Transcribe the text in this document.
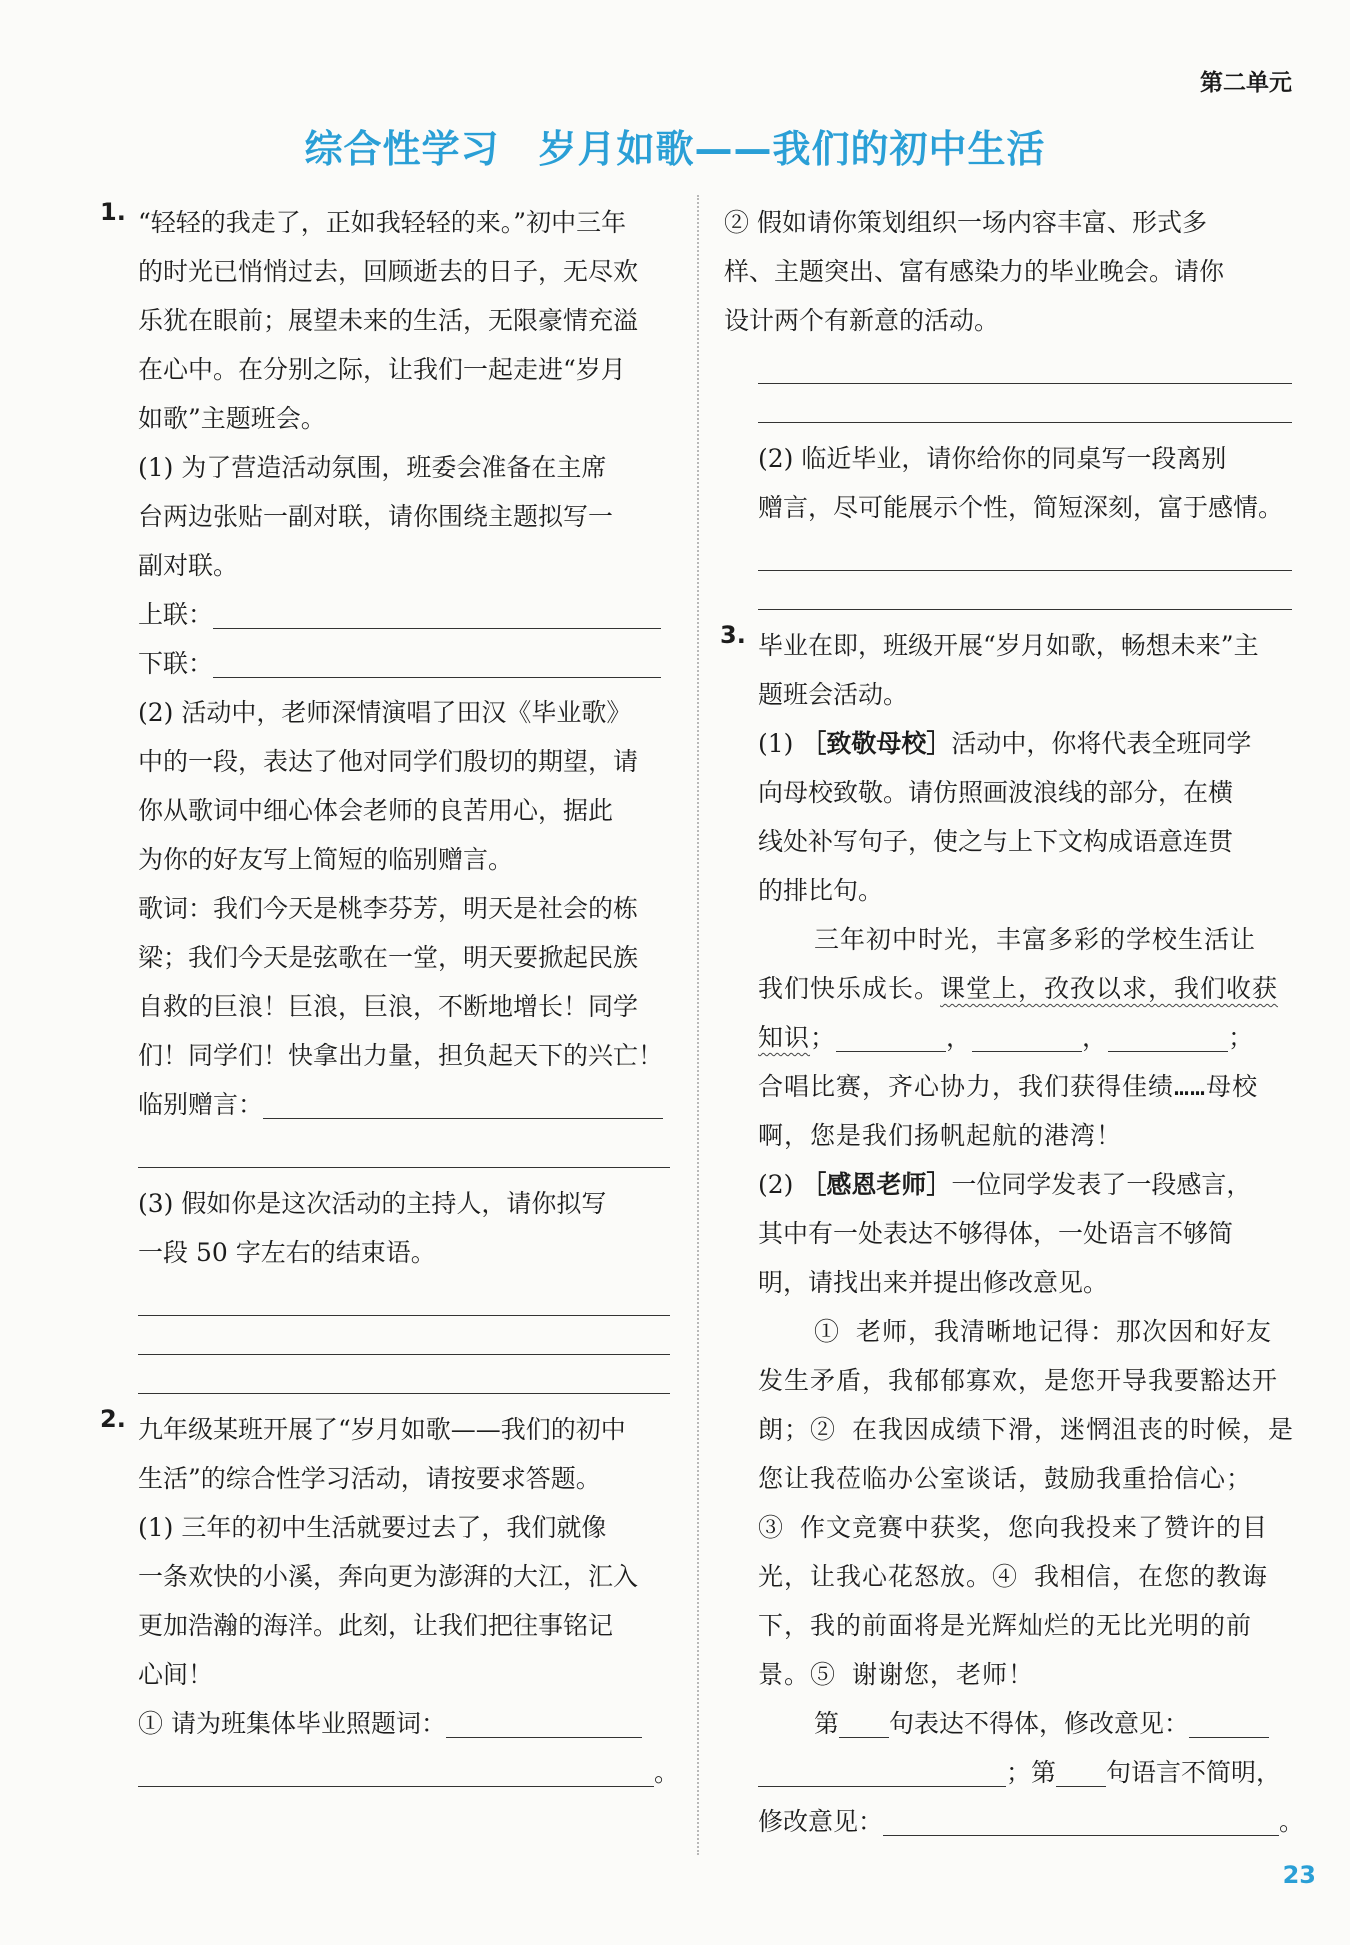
第二单元
综合性学习　岁月如歌——我们的初中生活
1. “轻轻的我走了，正如我轻轻的来。”初中三年
的时光已悄悄过去，回顾逝去的日子，无尽欢
乐犹在眼前；展望未来的生活，无限豪情充溢
在心中。在分别之际，让我们一起走进“岁月
如歌”主题班会。
(1) 为了营造活动氛围，班委会准备在主席
台两边张贴一副对联，请你围绕主题拟写一
副对联。
上联：
下联：
(2) 活动中，老师深情演唱了田汉《毕业歌》
中的一段，表达了他对同学们殷切的期望，请
你从歌词中细心体会老师的良苦用心，据此
为你的好友写上简短的临别赠言。
歌词：我们今天是桃李芬芳，明天是社会的栋
梁；我们今天是弦歌在一堂，明天要掀起民族
自救的巨浪！巨浪，巨浪，不断地增长！同学
们！同学们！快拿出力量，担负起天下的兴亡！
临别赠言：
(3) 假如你是这次活动的主持人，请你拟写
一段 50 字左右的结束语。
2. 九年级某班开展了“岁月如歌——我们的初中
生活”的综合性学习活动，请按要求答题。
(1) 三年的初中生活就要过去了，我们就像
一条欢快的小溪，奔向更为澎湃的大江，汇入
更加浩瀚的海洋。此刻，让我们把往事铭记
心间！
① 请为班集体毕业照题词：
。
② 假如请你策划组织一场内容丰富、形式多
样、主题突出、富有感染力的毕业晚会。请你
设计两个有新意的活动。
(2) 临近毕业，请你给你的同桌写一段离别
赠言，尽可能展示个性，简短深刻，富于感情。
3. 毕业在即，班级开展“岁月如歌，畅想未来”主
题班会活动。
(1) ［致敬母校］活动中，你将代表全班同学
向母校致敬。请仿照画波浪线的部分，在横
线处补写句子，使之与上下文构成语意连贯
的排比句。
三年初中时光，丰富多彩的学校生活让
我们快乐成长。课堂上，孜孜以求，我们收获
知识；	，	，	；
合唱比赛，齐心协力，我们获得佳绩……母校
啊，您是我们扬帆起航的港湾！
(2) ［感恩老师］一位同学发表了一段感言，
其中有一处表达不够得体，一处语言不够简
明，请找出来并提出修改意见。
① 老师，我清晰地记得：那次因和好友
发生矛盾，我郁郁寡欢，是您开导我要豁达开
朗；② 在我因成绩下滑，迷惘沮丧的时候，是
您让我莅临办公室谈话，鼓励我重拾信心；
③ 作文竞赛中获奖，您向我投来了赞许的目
光，让我心花怒放。④ 我相信，在您的教诲
下，我的前面将是光辉灿烂的无比光明的前
景。⑤ 谢谢您，老师！
第 句表达不得体，修改意见：
；第 句语言不简明，
修改意见：	。
23
